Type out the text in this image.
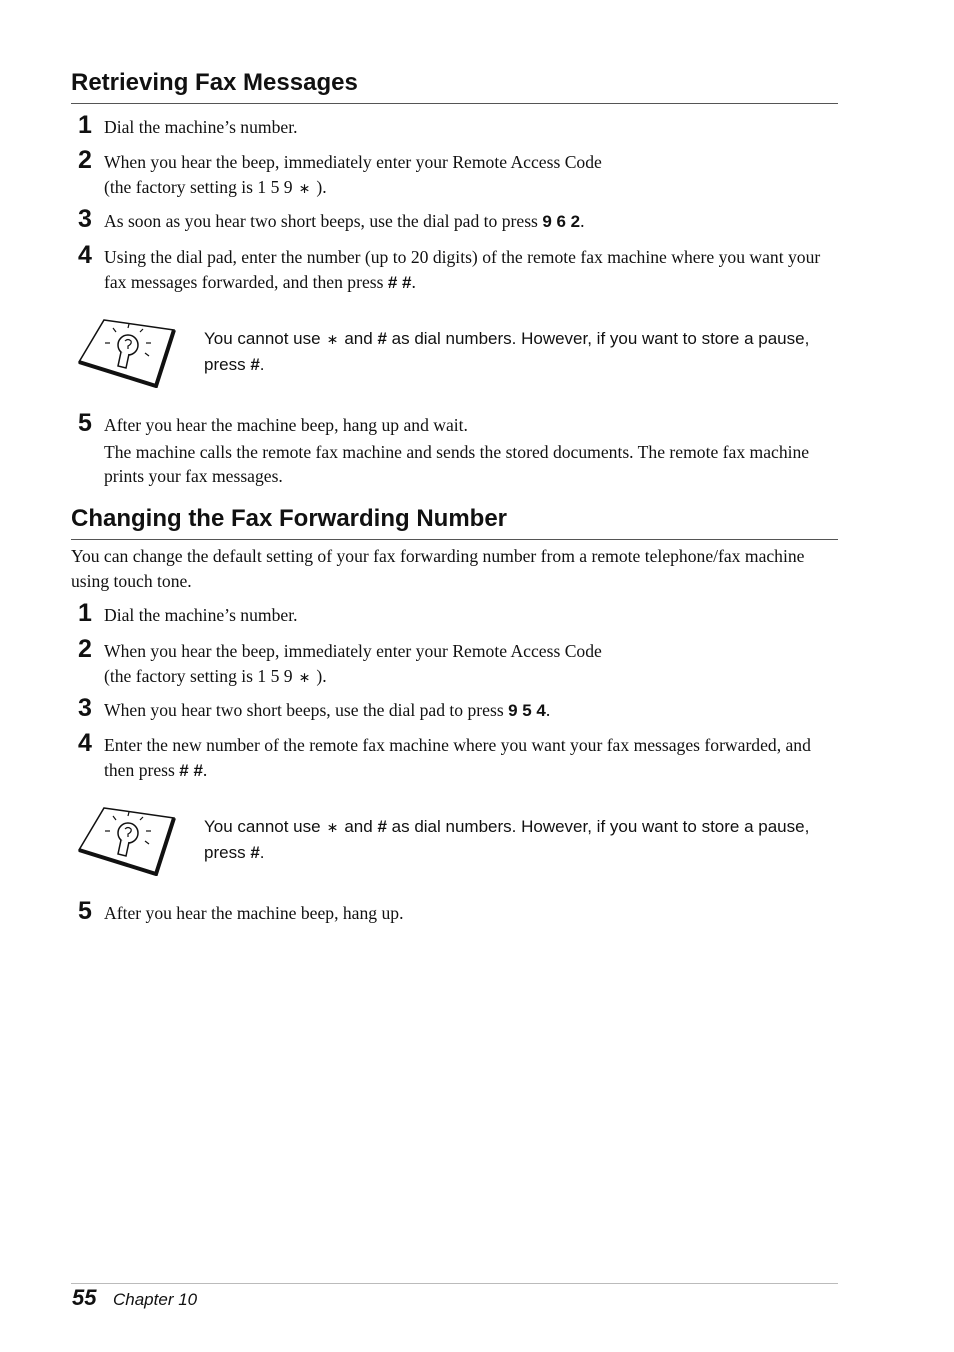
Retrieving Fax Messages
1 Dial the machine’s number.
2 When you hear the beep, immediately enter your Remote Access Code
(the factory setting is 1 5 9 ∗ ).
3 As soon as you hear two short beeps, use the dial pad to press 9 6 2.
4 Using the dial pad, enter the number (up to 20 digits) of the remote fax machine where you want your fax messages forwarded, and then press # #.
You cannot use ∗ and # as dial numbers. However, if you want to store a pause, press #.
5 After you hear the machine beep, hang up and wait.
The machine calls the remote fax machine and sends the stored documents. The remote fax machine prints your fax messages.
Changing the Fax Forwarding Number
You can change the default setting of your fax forwarding number from a remote telephone/fax machine using touch tone.
1 Dial the machine’s number.
2 When you hear the beep, immediately enter your Remote Access Code
(the factory setting is 1 5 9 ∗ ).
3 When you hear two short beeps, use the dial pad to press 9 5 4.
4 Enter the new number of the remote fax machine where you want your fax messages forwarded, and then press # #.
You cannot use ∗ and # as dial numbers. However, if you want to store a pause, press #.
5 After you hear the machine beep, hang up.
55 Chapter 10
